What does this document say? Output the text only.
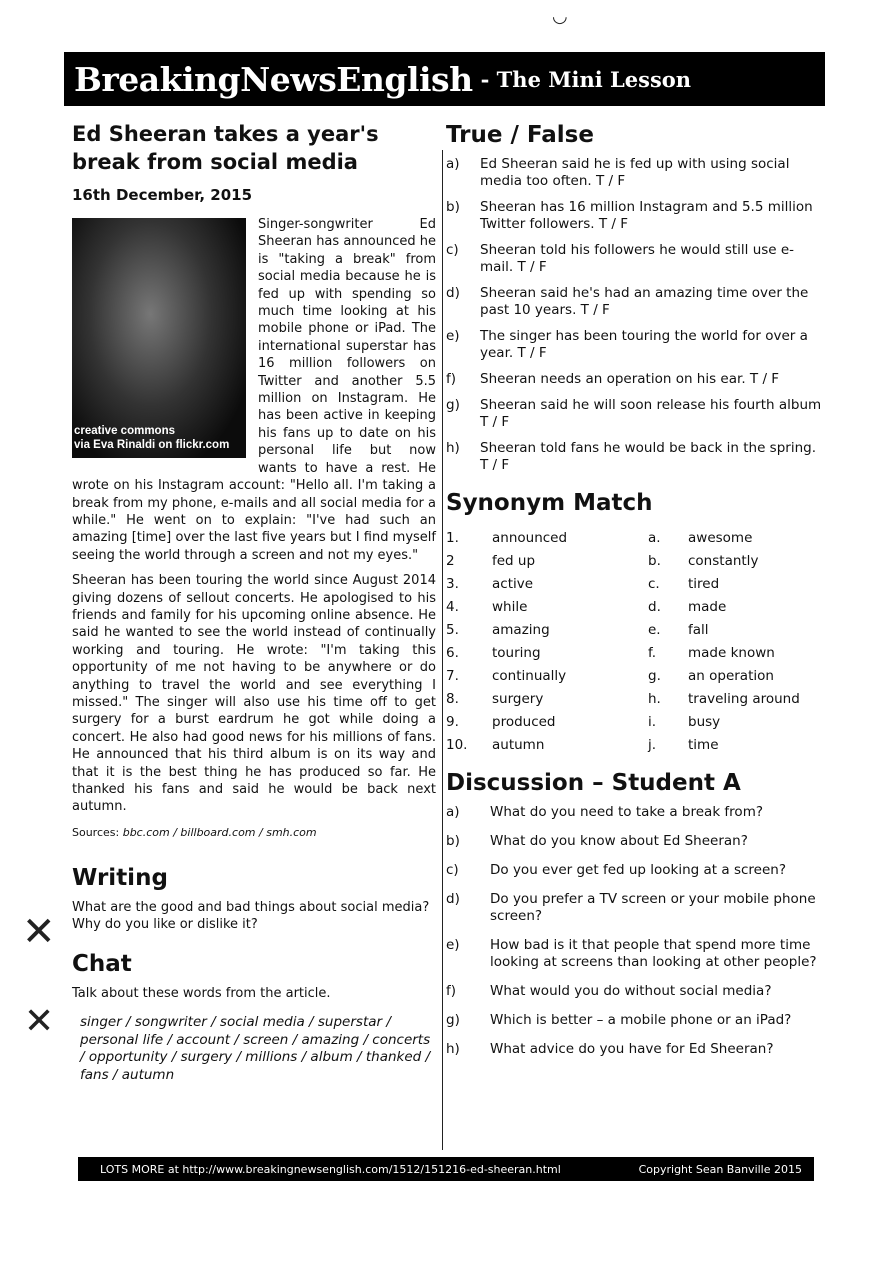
BreakingNewsEnglish - The Mini Lesson
◡
✕
✕
Ed Sheeran takes a year's break from social media
16th December, 2015
creative commons
via Eva Rinaldi on flickr.com

Singer-songwriter Ed Sheeran has announced he is "taking a break" from social media because he is fed up with spending so much time looking at his mobile phone or iPad. The international superstar has 16 million followers on Twitter and another 5.5 million on Instagram. He has been active in keeping his fans up to date on his personal life but now wants to have a rest. He wrote on his Instagram account: "Hello all. I'm taking a break from my phone, e-mails and all social media for a while." He went on to explain: "I've had such an amazing [time] over the last five years but I find myself seeing the world through a screen and not my eyes."

Sheeran has been touring the world since August 2014 giving dozens of sellout concerts. He apologised to his friends and family for his upcoming online absence. He said he wanted to see the world instead of continually working and touring. He wrote: "I'm taking this opportunity of me not having to be anywhere or do anything to travel the world and see everything I missed." The singer will also use his time off to get surgery for a burst eardrum he got while doing a concert. He also had good news for his millions of fans. He announced that his third album is on its way and that it is the best thing he has produced so far. He thanked his fans and said he would be back next autumn.

Sources: bbc.com / billboard.com / smh.com
Writing

What are the good and bad things about social media? Why do you like or dislike it?

Chat

Talk about these words from the article.

singer / songwriter / social media / superstar / personal life / account / screen / amazing / concerts / opportunity / surgery / millions / album / thanked / fans / autumn
True / False
a)	Ed Sheeran said he is fed up with using social media too often. T / F
b)	Sheeran has 16 million Instagram and 5.5 million Twitter followers. T / F
c)	Sheeran told his followers he would still use e-mail. T / F
d)	Sheeran said he's had an amazing time over the past 10 years. T / F
e)	The singer has been touring the world for over a year. T / F
f)	Sheeran needs an operation on his ear. T / F
g)	Sheeran said he will soon release his fourth album T / F
h)	Sheeran told fans he would be back in the spring. T / F
Synonym Match
1.	announced	a.	awesome
2	fed up	b.	constantly
3.	active	c.	tired
4.	while	d.	made
5.	amazing	e.	fall
6.	touring	f.	made known
7.	continually	g.	an operation
8.	surgery	h.	traveling around
9.	produced	i.	busy
10.	autumn	j.	time
Discussion – Student A
a)	What do you need to take a break from?
b)	What do you know about Ed Sheeran?
c)	Do you ever get fed up looking at a screen?
d)	Do you prefer a TV screen or your mobile phone screen?
e)	How bad is it that people that spend more time looking at screens than looking at other people?
f)	What would you do without social media?
g)	Which is better – a mobile phone or an iPad?
h)	What advice do you have for Ed Sheeran?
LOTS MORE at http://www.breakingnewsenglish.com/1512/151216-ed-sheeran.html	Copyright Sean Banville 2015
